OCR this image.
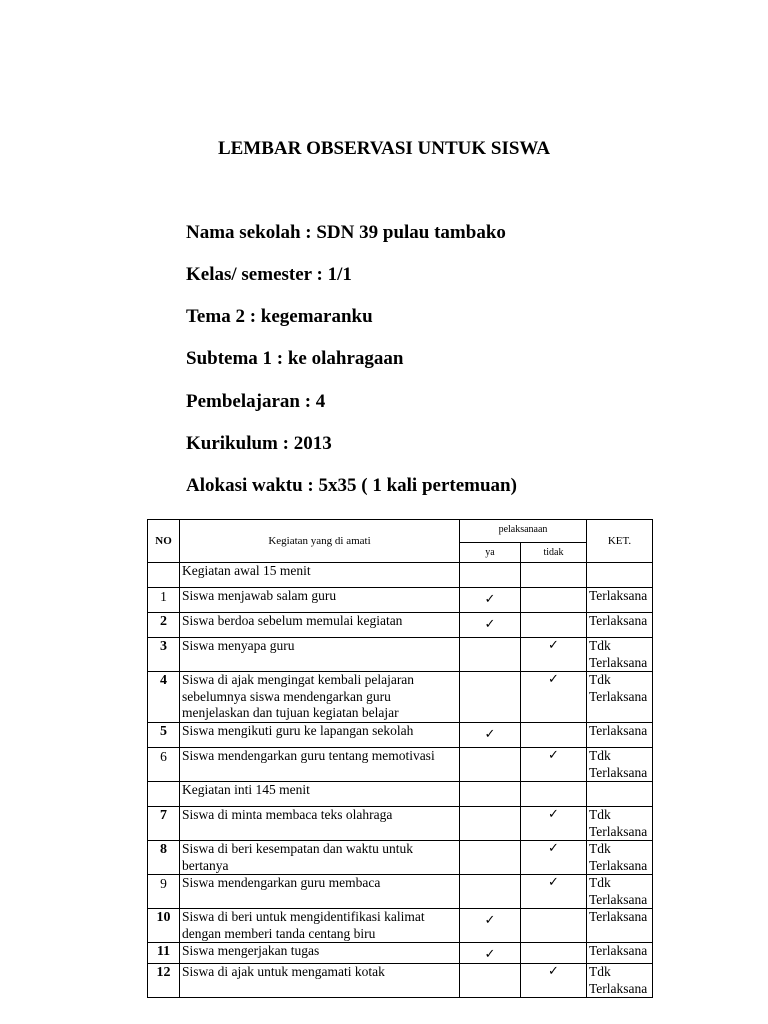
LEMBAR OBSERVASI UNTUK SISWA
Nama sekolah : SDN 39 pulau tambako
Kelas/ semester : 1/1
Tema 2 : kegemaranku
Subtema 1 : ke olahragaan
Pembelajaran : 4
Kurikulum : 2013
Alokasi waktu : 5x35 ( 1 kali pertemuan)
NO	Kegiatan yang di amati	pelaksanaan		KET.
		ya	tidak	
	Kegiatan awal 15 menit			
1	Siswa menjawab salam guru	✓		Terlaksana
2	Siswa berdoa sebelum memulai kegiatan	✓		Terlaksana
3	Siswa menyapa guru		✓	Tdk Terlaksana
4	Siswa di ajak mengingat kembali pelajaran sebelumnya siswa mendengarkan guru menjelaskan dan tujuan kegiatan belajar		✓	Tdk Terlaksana
5	Siswa mengikuti guru ke lapangan sekolah	✓		Terlaksana
6	Siswa mendengarkan guru tentang memotivasi		✓	Tdk Terlaksana
	Kegiatan inti 145 menit			
7	Siswa di minta membaca teks olahraga		✓	Tdk Terlaksana
8	Siswa di beri kesempatan dan waktu untuk bertanya		✓	Tdk Terlaksana
9	Siswa mendengarkan guru membaca		✓	Tdk Terlaksana
10	Siswa di beri untuk mengidentifikasi kalimat dengan memberi tanda centang biru	✓		Terlaksana
11	Siswa mengerjakan tugas	✓		Terlaksana
12	Siswa di ajak untuk mengamati kotak		✓	Tdk Terlaksana
